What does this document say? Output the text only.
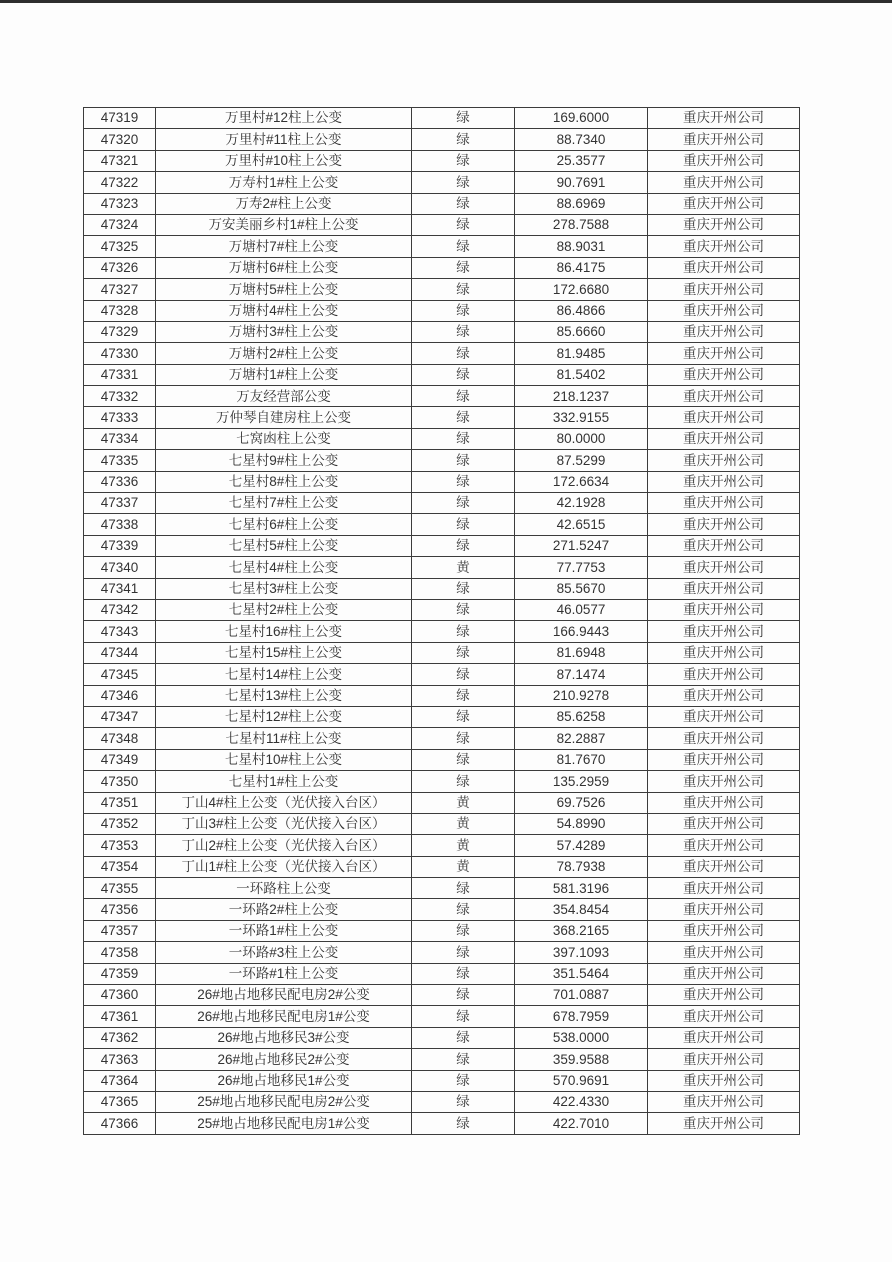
47319	万里村#12柱上公变	绿	169.6000	重庆开州公司
47320	万里村#11柱上公变	绿	88.7340	重庆开州公司
47321	万里村#10柱上公变	绿	25.3577	重庆开州公司
47322	万寿村1#柱上公变	绿	90.7691	重庆开州公司
47323	万寿2#柱上公变	绿	88.6969	重庆开州公司
47324	万安美丽乡村1#柱上公变	绿	278.7588	重庆开州公司
47325	万塘村7#柱上公变	绿	88.9031	重庆开州公司
47326	万塘村6#柱上公变	绿	86.4175	重庆开州公司
47327	万塘村5#柱上公变	绿	172.6680	重庆开州公司
47328	万塘村4#柱上公变	绿	86.4866	重庆开州公司
47329	万塘村3#柱上公变	绿	85.6660	重庆开州公司
47330	万塘村2#柱上公变	绿	81.9485	重庆开州公司
47331	万塘村1#柱上公变	绿	81.5402	重庆开州公司
47332	万友经营部公变	绿	218.1237	重庆开州公司
47333	万仲琴自建房柱上公变	绿	332.9155	重庆开州公司
47334	七窝凼柱上公变	绿	80.0000	重庆开州公司
47335	七星村9#柱上公变	绿	87.5299	重庆开州公司
47336	七星村8#柱上公变	绿	172.6634	重庆开州公司
47337	七星村7#柱上公变	绿	42.1928	重庆开州公司
47338	七星村6#柱上公变	绿	42.6515	重庆开州公司
47339	七星村5#柱上公变	绿	271.5247	重庆开州公司
47340	七星村4#柱上公变	黄	77.7753	重庆开州公司
47341	七星村3#柱上公变	绿	85.5670	重庆开州公司
47342	七星村2#柱上公变	绿	46.0577	重庆开州公司
47343	七星村16#柱上公变	绿	166.9443	重庆开州公司
47344	七星村15#柱上公变	绿	81.6948	重庆开州公司
47345	七星村14#柱上公变	绿	87.1474	重庆开州公司
47346	七星村13#柱上公变	绿	210.9278	重庆开州公司
47347	七星村12#柱上公变	绿	85.6258	重庆开州公司
47348	七星村11#柱上公变	绿	82.2887	重庆开州公司
47349	七星村10#柱上公变	绿	81.7670	重庆开州公司
47350	七星村1#柱上公变	绿	135.2959	重庆开州公司
47351	丁山4#柱上公变（光伏接入台区）	黄	69.7526	重庆开州公司
47352	丁山3#柱上公变（光伏接入台区）	黄	54.8990	重庆开州公司
47353	丁山2#柱上公变（光伏接入台区）	黄	57.4289	重庆开州公司
47354	丁山1#柱上公变（光伏接入台区）	黄	78.7938	重庆开州公司
47355	一环路柱上公变	绿	581.3196	重庆开州公司
47356	一环路2#柱上公变	绿	354.8454	重庆开州公司
47357	一环路1#柱上公变	绿	368.2165	重庆开州公司
47358	一环路#3柱上公变	绿	397.1093	重庆开州公司
47359	一环路#1柱上公变	绿	351.5464	重庆开州公司
47360	26#地占地移民配电房2#公变	绿	701.0887	重庆开州公司
47361	26#地占地移民配电房1#公变	绿	678.7959	重庆开州公司
47362	26#地占地移民3#公变	绿	538.0000	重庆开州公司
47363	26#地占地移民2#公变	绿	359.9588	重庆开州公司
47364	26#地占地移民1#公变	绿	570.9691	重庆开州公司
47365	25#地占地移民配电房2#公变	绿	422.4330	重庆开州公司
47366	25#地占地移民配电房1#公变	绿	422.7010	重庆开州公司
